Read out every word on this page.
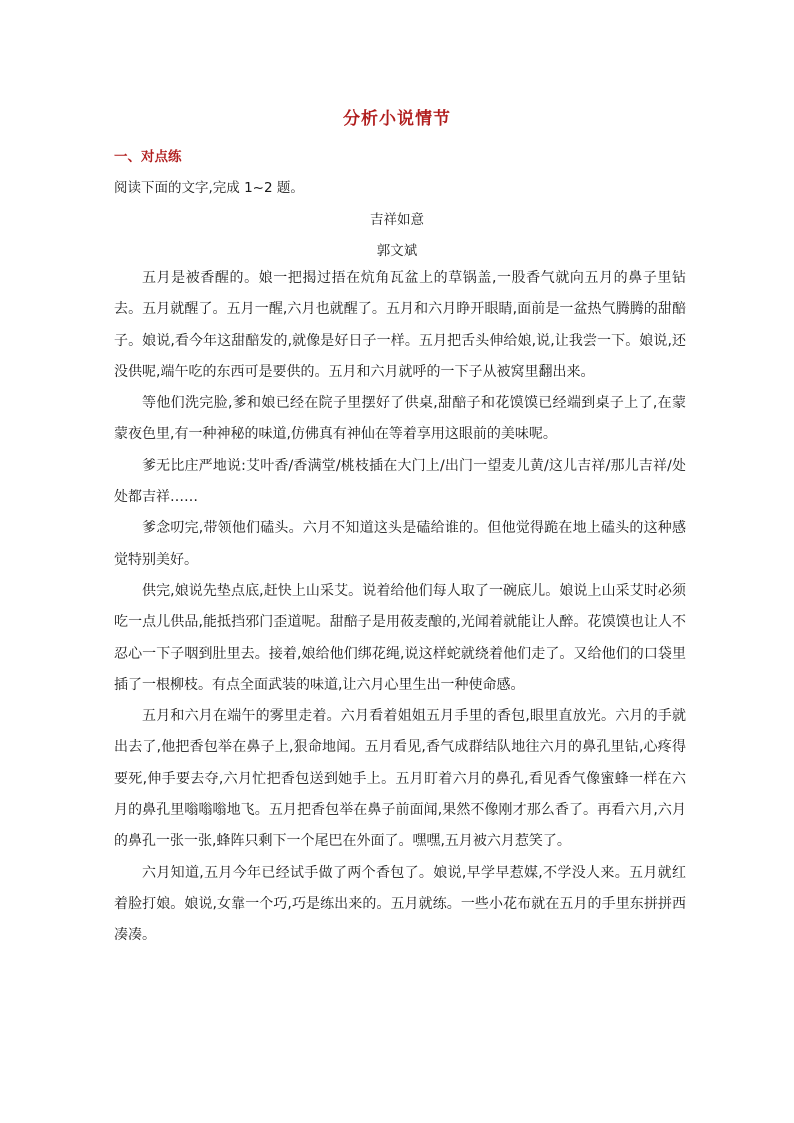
分析小说情节
一、对点练
阅读下面的文字,完成 1~2 题。
吉祥如意
郭文斌

五月是被香醒的。娘一把揭过捂在炕角瓦盆上的草锅盖,一股香气就向五月的鼻子里钻去。五月就醒了。五月一醒,六月也就醒了。五月和六月睁开眼睛,面前是一盆热气腾腾的甜醅子。娘说,看今年这甜醅发的,就像是好日子一样。五月把舌头伸给娘,说,让我尝一下。娘说,还没供呢,端午吃的东西可是要供的。五月和六月就呼的一下子从被窝里翻出来。

等他们洗完脸,爹和娘已经在院子里摆好了供桌,甜醅子和花馍馍已经端到桌子上了,在蒙蒙夜色里,有一种神秘的味道,仿佛真有神仙在等着享用这眼前的美味呢。

爹无比庄严地说:艾叶香/香满堂/桃枝插在大门上/出门一望麦儿黄/这儿吉祥/那儿吉祥/处处都吉祥……

爹念叨完,带领他们磕头。六月不知道这头是磕给谁的。但他觉得跪在地上磕头的这种感觉特别美好。

供完,娘说先垫点底,赶快上山采艾。说着给他们每人取了一碗底儿。娘说上山采艾时必须吃一点儿供品,能抵挡邪门歪道呢。甜醅子是用莜麦酿的,光闻着就能让人醉。花馍馍也让人不忍心一下子咽到肚里去。接着,娘给他们绑花绳,说这样蛇就绕着他们走了。又给他们的口袋里插了一根柳枝。有点全面武装的味道,让六月心里生出一种使命感。

五月和六月在端午的雾里走着。六月看着姐姐五月手里的香包,眼里直放光。六月的手就出去了,他把香包举在鼻子上,狠命地闻。五月看见,香气成群结队地往六月的鼻孔里钻,心疼得要死,伸手要去夺,六月忙把香包送到她手上。五月盯着六月的鼻孔,看见香气像蜜蜂一样在六月的鼻孔里嗡嗡嗡地飞。五月把香包举在鼻子前面闻,果然不像刚才那么香了。再看六月,六月的鼻孔一张一张,蜂阵只剩下一个尾巴在外面了。嘿嘿,五月被六月惹笑了。

六月知道,五月今年已经试手做了两个香包了。娘说,早学早惹媒,不学没人来。五月就红着脸打娘。娘说,女靠一个巧,巧是练出来的。五月就练。一些小花布就在五月的手里东拼拼西凑凑。
